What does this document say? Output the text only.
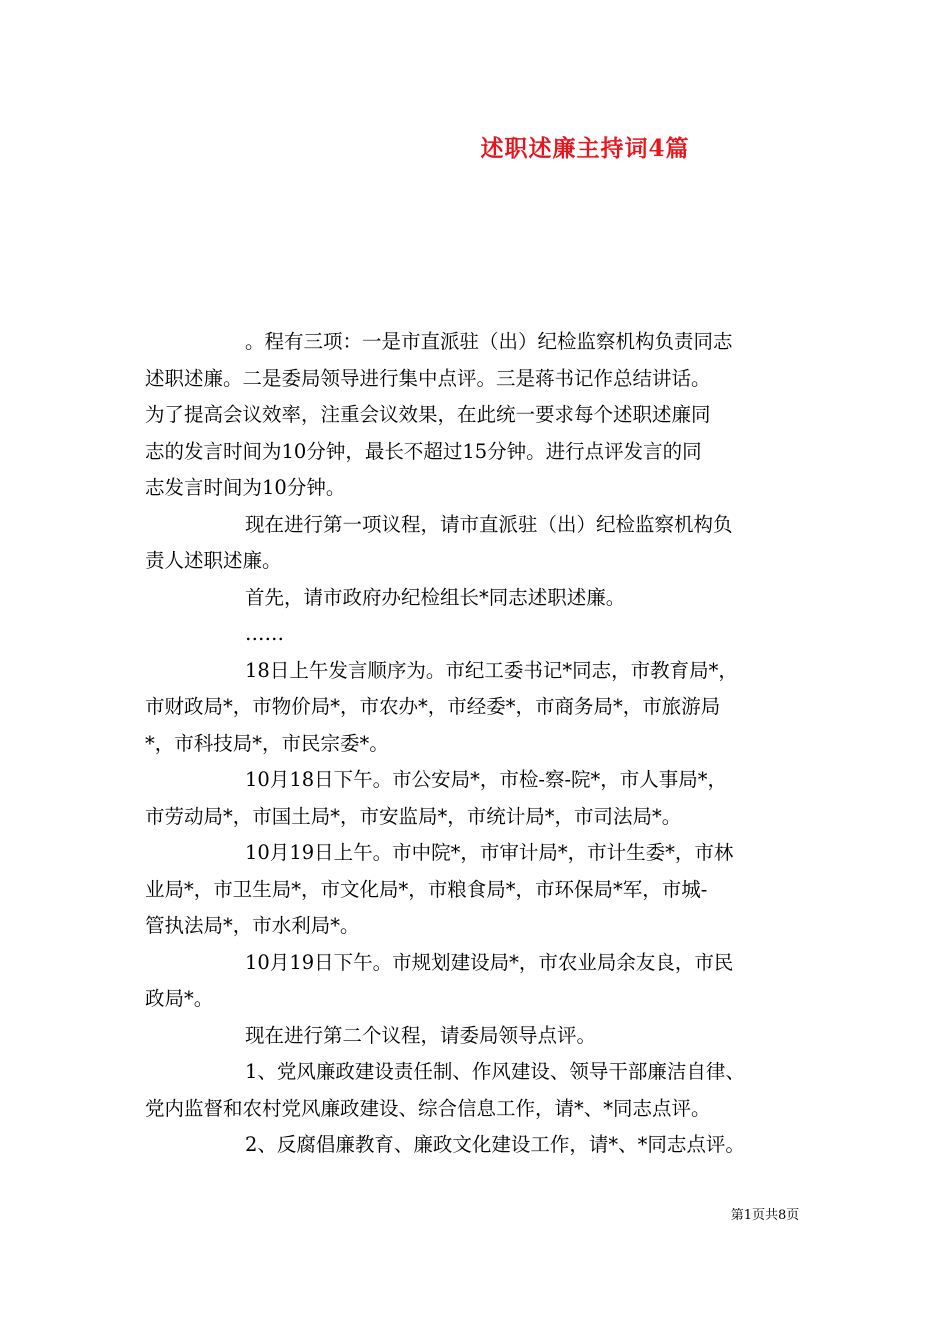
述职述廉主持词4篇
。程有三项：一是市直派驻（出）纪检监察机构负责同志
述职述廉。二是委局领导进行集中点评。三是蒋书记作总结讲话。
为了提高会议效率，注重会议效果，在此统一要求每个述职述廉同
志的发言时间为10分钟，最长不超过15分钟。进行点评发言的同
志发言时间为10分钟。
现在进行第一项议程，请市直派驻（出）纪检监察机构负
责人述职述廉。
首先，请市政府办纪检组长*同志述职述廉。
……
18日上午发言顺序为。市纪工委书记*同志，市教育局*，
市财政局*，市物价局*，市农办*，市经委*，市商务局*，市旅游局
*，市科技局*，市民宗委*。
10月18日下午。市公安局*，市检-察-院*，市人事局*，
市劳动局*，市国土局*，市安监局*，市统计局*，市司法局*。
10月19日上午。市中院*，市审计局*，市计生委*，市林
业局*，市卫生局*，市文化局*，市粮食局*，市环保局*军，市城-
管执法局*，市水利局*。
10月19日下午。市规划建设局*，市农业局余友良，市民
政局*。
现在进行第二个议程，请委局领导点评。
1、党风廉政建设责任制、作风建设、领导干部廉洁自律、
党内监督和农村党风廉政建设、综合信息工作，请*、*同志点评。
2、反腐倡廉教育、廉政文化建设工作，请*、*同志点评。
第1页共8页
